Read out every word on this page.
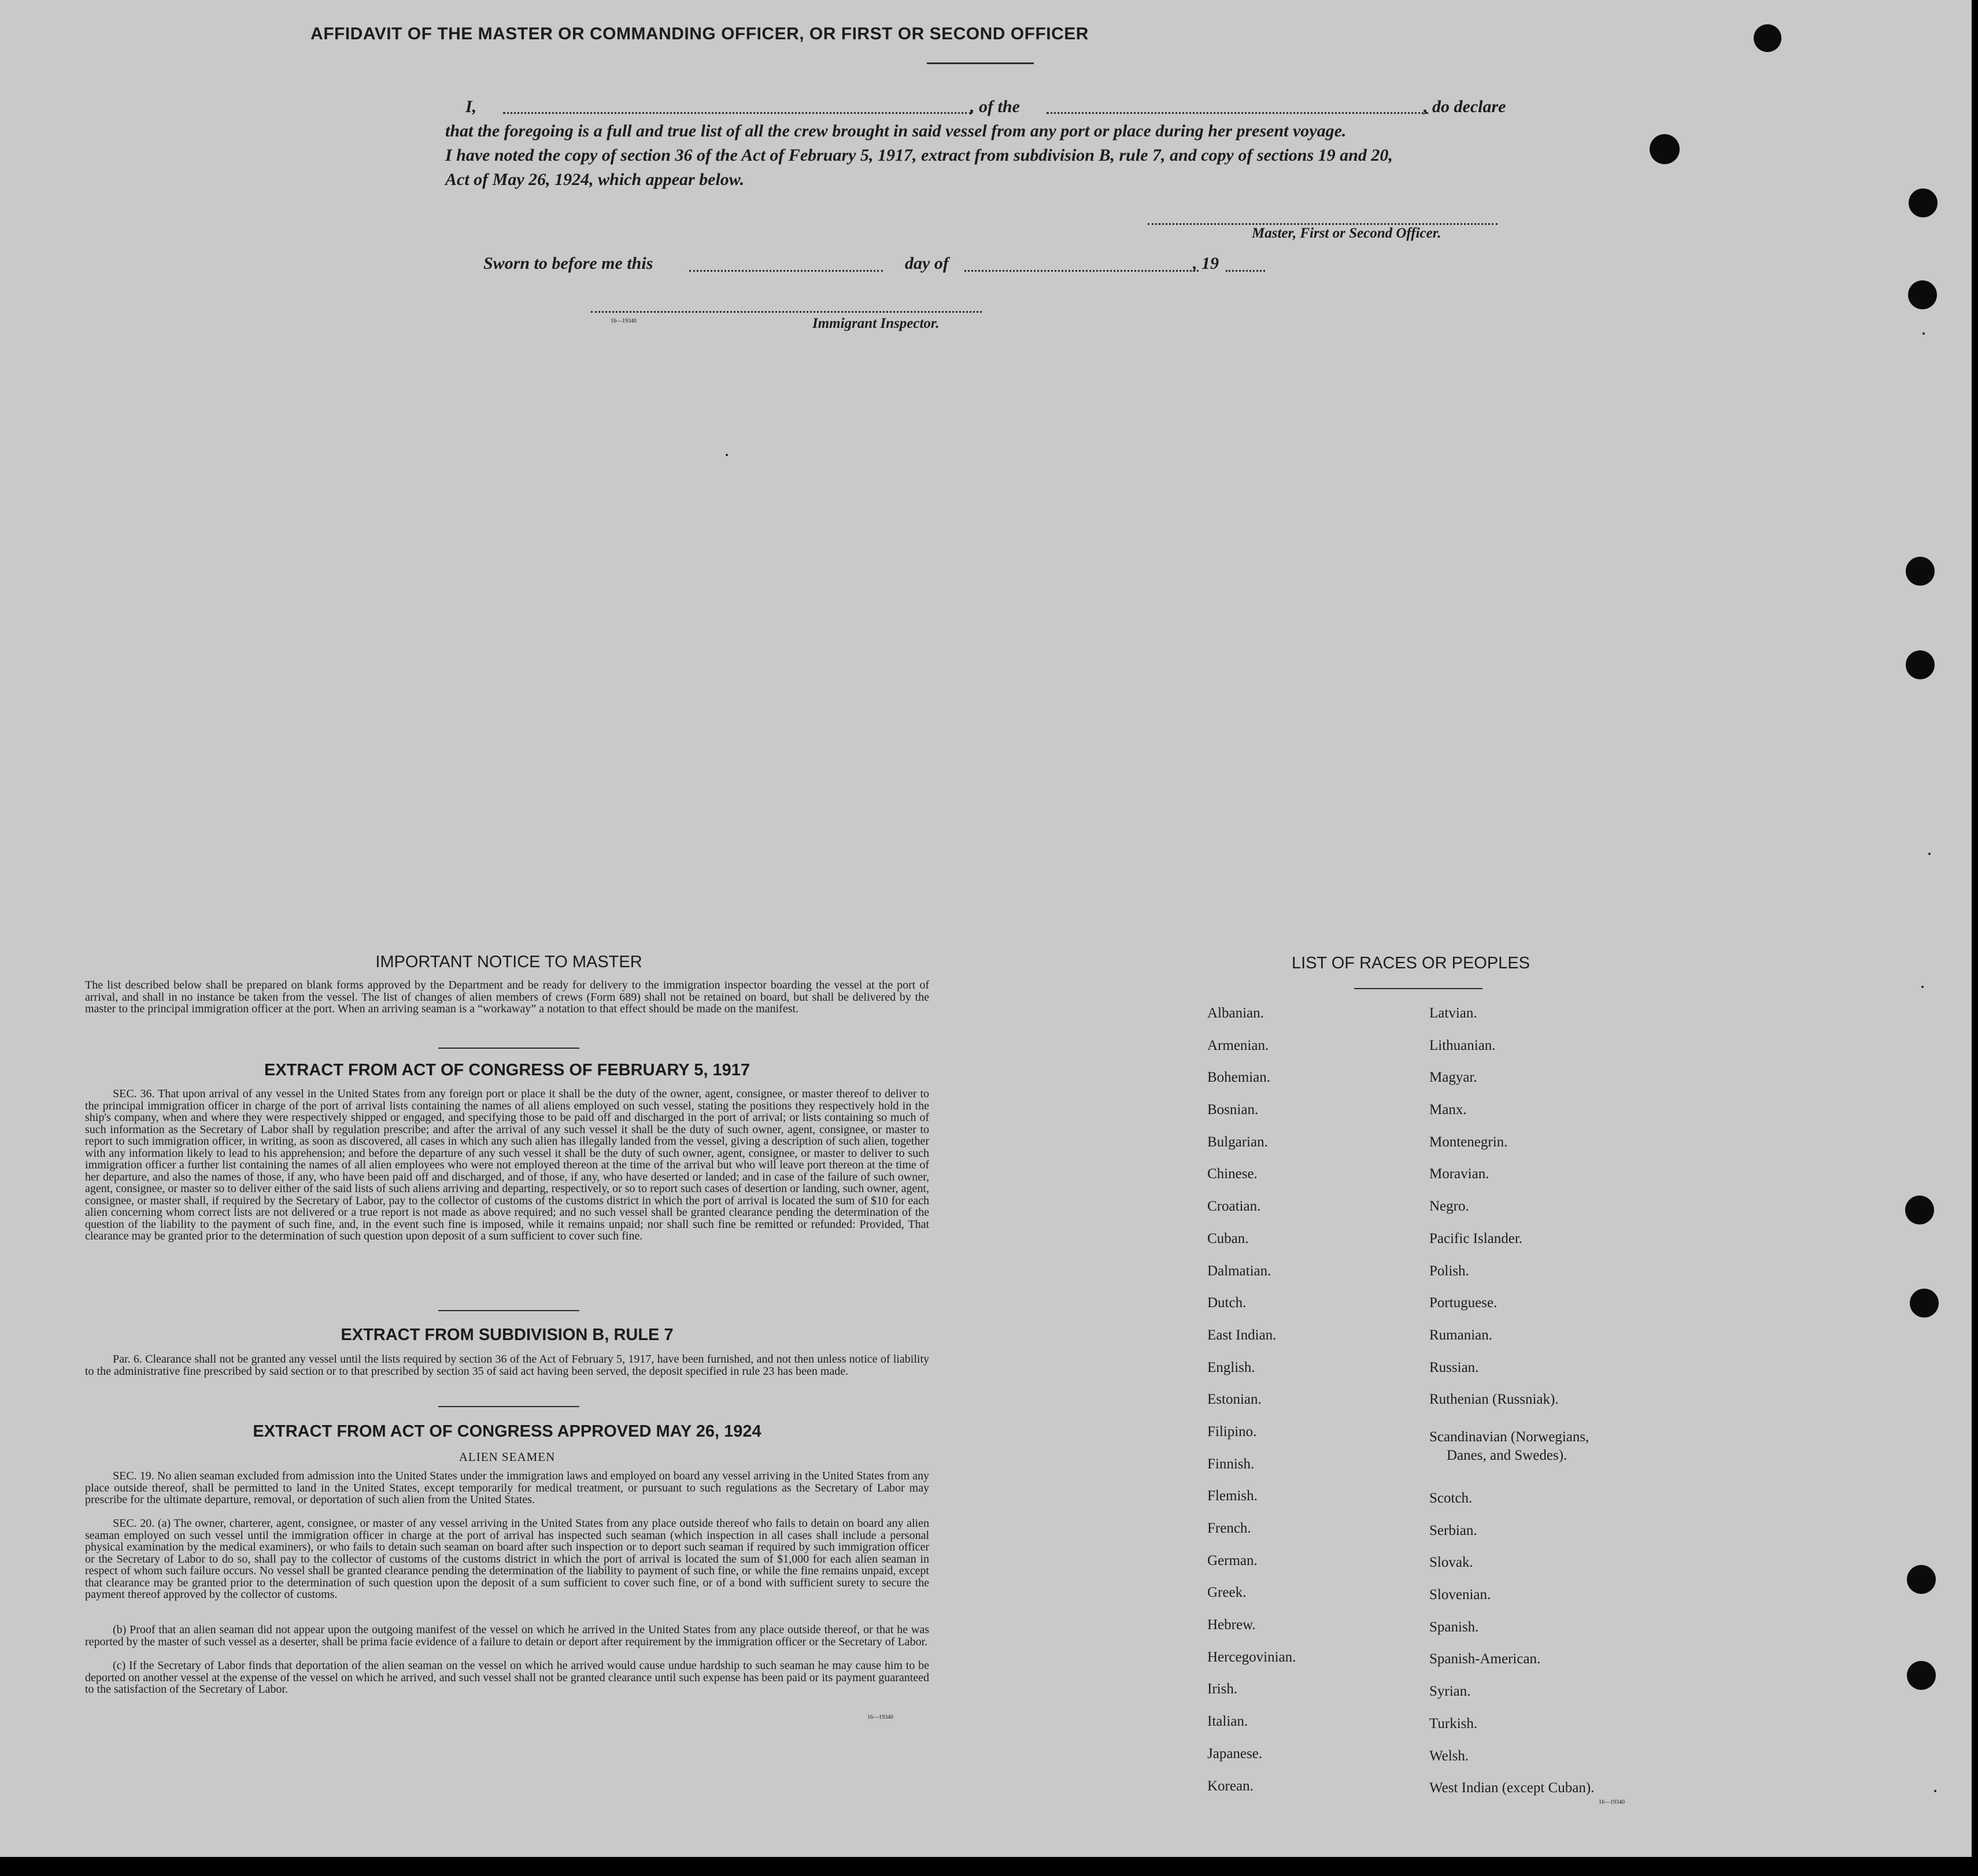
AFFIDAVIT OF THE MASTER OR COMMANDING OFFICER, OR FIRST OR SECOND OFFICER
I,	, of the	, do declare
that the foregoing is a full and true list of all the crew brought in said vessel from any port or place during her present voyage.
I have noted the copy of section 36 of the Act of February 5, 1917, extract from subdivision B, rule 7, and copy of sections 19 and 20,
Act of May 26, 1924, which appear below.
Master, First or Second Officer.
Sworn to before me this	day of	, 19
16—19340	Immigrant Inspector.
IMPORTANT NOTICE TO MASTER
The list described below shall be prepared on blank forms approved by the Department and be ready for delivery to the immigration inspector boarding the vessel at the port of arrival, and shall in no instance be taken from the vessel. The list of changes of alien members of crews (Form 689) shall not be retained on board, but shall be delivered by the master to the principal immigration officer at the port. When an arriving seaman is a “workaway” a notation to that effect should be made on the manifest.
EXTRACT FROM ACT OF CONGRESS OF FEBRUARY 5, 1917
SEC. 36. That upon arrival of any vessel in the United States from any foreign port or place it shall be the duty of the owner, agent, consignee, or master thereof to deliver to the principal immigration officer in charge of the port of arrival lists containing the names of all aliens employed on such vessel, stating the positions they respectively hold in the ship's company, when and where they were respectively shipped or engaged, and specifying those to be paid off and discharged in the port of arrival; or lists containing so much of such information as the Secretary of Labor shall by regulation prescribe; and after the arrival of any such vessel it shall be the duty of such owner, agent, consignee, or master to report to such immigration officer, in writing, as soon as discovered, all cases in which any such alien has illegally landed from the vessel, giving a description of such alien, together with any information likely to lead to his apprehension; and before the departure of any such vessel it shall be the duty of such owner, agent, consignee, or master to deliver to such immigration officer a further list containing the names of all alien employees who were not employed thereon at the time of the arrival but who will leave port thereon at the time of her departure, and also the names of those, if any, who have been paid off and discharged, and of those, if any, who have deserted or landed; and in case of the failure of such owner, agent, consignee, or master so to deliver either of the said lists of such aliens arriving and departing, respectively, or so to report such cases of desertion or landing, such owner, agent, consignee, or master shall, if required by the Secretary of Labor, pay to the collector of customs of the customs district in which the port of arrival is located the sum of $10 for each alien concerning whom correct lists are not delivered or a true report is not made as above required; and no such vessel shall be granted clearance pending the determination of the question of the liability to the payment of such fine, and, in the event such fine is imposed, while it remains unpaid; nor shall such fine be remitted or refunded: Provided, That clearance may be granted prior to the determination of such question upon deposit of a sum sufficient to cover such fine.
EXTRACT FROM SUBDIVISION B, RULE 7
Par. 6. Clearance shall not be granted any vessel until the lists required by section 36 of the Act of February 5, 1917, have been furnished, and not then unless notice of liability to the administrative fine prescribed by said section or to that prescribed by section 35 of said act having been served, the deposit specified in rule 23 has been made.
EXTRACT FROM ACT OF CONGRESS APPROVED MAY 26, 1924
ALIEN SEAMEN
SEC. 19. No alien seaman excluded from admission into the United States under the immigration laws and employed on board any vessel arriving in the United States from any place outside thereof, shall be permitted to land in the United States, except temporarily for medical treatment, or pursuant to such regulations as the Secretary of Labor may prescribe for the ultimate departure, removal, or deportation of such alien from the United States.
SEC. 20. (a) The owner, charterer, agent, consignee, or master of any vessel arriving in the United States from any place outside thereof who fails to detain on board any alien seaman employed on such vessel until the immigration officer in charge at the port of arrival has inspected such seaman (which inspection in all cases shall include a personal physical examination by the medical examiners), or who fails to detain such seaman on board after such inspection or to deport such seaman if required by such immigration officer or the Secretary of Labor to do so, shall pay to the collector of customs of the customs district in which the port of arrival is located the sum of $1,000 for each alien seaman in respect of whom such failure occurs. No vessel shall be granted clearance pending the determination of the liability to payment of such fine, or while the fine remains unpaid, except that clearance may be granted prior to the determination of such question upon the deposit of a sum sufficient to cover such fine, or of a bond with sufficient surety to secure the payment thereof approved by the collector of customs.
(b) Proof that an alien seaman did not appear upon the outgoing manifest of the vessel on which he arrived in the United States from any place outside thereof, or that he was reported by the master of such vessel as a deserter, shall be prima facie evidence of a failure to detain or deport after requirement by the immigration officer or the Secretary of Labor.
(c) If the Secretary of Labor finds that deportation of the alien seaman on the vessel on which he arrived would cause undue hardship to such seaman he may cause him to be deported on another vessel at the expense of the vessel on which he arrived, and such vessel shall not be granted clearance until such expense has been paid or its payment guaranteed to the satisfaction of the Secretary of Labor.
16—19340
LIST OF RACES OR PEOPLES
Albanian.
Armenian.
Bohemian.
Bosnian.
Bulgarian.
Chinese.
Croatian.
Cuban.
Dalmatian.
Dutch.
East Indian.
English.
Estonian.
Filipino.
Finnish.
Flemish.
French.
German.
Greek.
Hebrew.
Hercegovinian.
Irish.
Italian.
Japanese.
Korean.
Latvian.
Lithuanian.
Magyar.
Manx.
Montenegrin.
Moravian.
Negro.
Pacific Islander.
Polish.
Portuguese.
Rumanian.
Russian.
Ruthenian (Russniak).
Scandinavian (Norwegians,
Danes, and Swedes).
Scotch.
Serbian.
Slovak.
Slovenian.
Spanish.
Spanish-American.
Syrian.
Turkish.
Welsh.
West Indian (except Cuban).
16—19340
